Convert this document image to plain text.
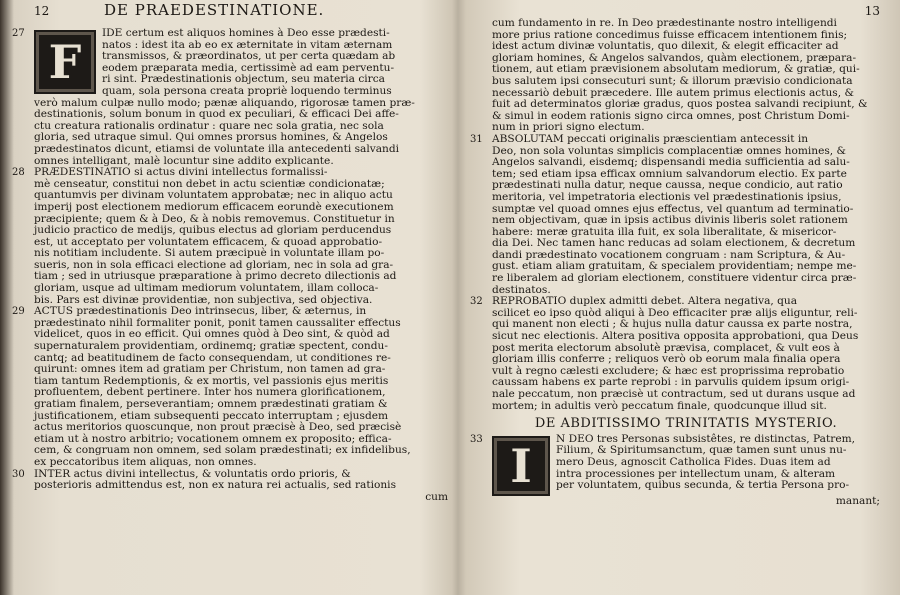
12	DE PRAEDESTINATIONE.
27
F
IDE certum est aliquos homines à Deo esse prædesti-
natos : idest ita ab eo ex æternitate in vitam æternam
transmissos, & præordinatos, ut per certa quædam ab
eodem præparata media, certissimè ad eam perventu-
ri sint. Prædestinationis objectum, seu materia circa
quam, sola persona creata propriè loquendo terminus
verò malum culpæ nullo modo; pænæ aliquando, rigorosæ tamen præ-
destinationis, solum bonum in quod ex peculiari, & efficaci Dei affe-
ctu creatura rationalis ordinatur : quare nec sola gratia, nec sola
gloria, sed utraque simul. Qui omnes prorsus homines, & Angelos
prædestinatos dicunt, etiamsi de voluntate illa antecedenti salvandi
omnes intelligant, malè locuntur sine addito explicante.
28 PRÆDESTINATIO si actus divini intellectus formalissi-
mè censeatur, constitui non debet in actu scientiæ condicionatæ;
quantumvis per divinam voluntatem approbatæ; nec in aliquo actu
imperij post electionem mediorum efficacem eorundè executionem
præcipiente; quem & à Deo, & à nobis removemus. Constituetur in
judicio practico de medijs, quibus electus ad gloriam perducendus
est, ut acceptato per voluntatem efficacem, & quoad approbatio-
nis notitiam includente. Si autem præcipuè in voluntate illam po-
sueris, non in sola efficaci electione ad gloriam, nec in sola ad gra-
tiam ; sed in utriusque præparatione à primo decreto dilectionis ad
gloriam, usque ad ultimam mediorum voluntatem, illam colloca-
bis. Pars est divinæ providentiæ, non subjectiva, sed objectiva.
29 ACTUS prædestinationis Deo intrinsecus, liber, & æternus, in
prædestinato nihil formaliter ponit, ponit tamen caussaliter effectus
videlicet, quos in eo efficit. Qui omnes quòd à Deo sint, & quòd ad
supernaturalem providentiam, ordinemq; gratiæ spectent, condu-
cantq; ad beatitudinem de facto consequendam, ut conditiones re-
quirunt: omnes item ad gratiam per Christum, non tamen ad gra-
tiam tantum Redemptionis, & ex mortis, vel passionis ejus meritis
profluentem, debent pertinere. Inter hos numera glorificationem,
gratiam finalem, perseverantiam; omnem prædestinati gratiam &
justificationem, etiam subsequenti peccato interruptam ; ejusdem
actus meritorios quoscunque, non prout præcisè à Deo, sed præcisè
etiam ut à nostro arbitrio; vocationem omnem ex proposito; effica-
cem, & congruam non omnem, sed solam prædestinati; ex infidelibus,
ex peccatoribus item aliquas, non omnes.
30 INTER actus divini intellectus, & voluntatis ordo prioris, &
posterioris admittendus est, non ex natura rei actualis, sed rationis
cum
13
cum fundamento in re. In Deo prædestinante nostro intelligendi
more prius ratione concedimus fuisse efficacem intentionem finis;
idest actum divinæ voluntatis, quo dilexit, & elegit efficaciter ad
gloriam homines, & Angelos salvandos, quàm electionem, præpara-
tionem, aut etiam prævisionem absolutam mediorum, & gratiæ, qui-
bus salutem ipsi consecuturi sunt; & illorum prævisio condicionata
necessariò debuit præcedere. Ille autem primus electionis actus, &
fuit ad determinatos gloriæ gradus, quos postea salvandi recipiunt, &
& simul in eodem rationis signo circa omnes, post Christum Domi-
num in priori signo electum.
31 ABSOLUTAM peccati originalis præscientiam antecessit in
Deo, non sola voluntas simplicis complacentiæ omnes homines, &
Angelos salvandi, eisdemq; dispensandi media sufficientia ad salu-
tem; sed etiam ipsa efficax omnium salvandorum electio. Ex parte
prædestinati nulla datur, neque caussa, neque condicio, aut ratio
meritoria, vel impetratoria electionis vel prædestinationis ipsius,
sumptæ vel quoad omnes ejus effectus, vel quantum ad terminatio-
nem objectivam, quæ in ipsis actibus divinis liberis solet rationem
habere: meræ gratuita illa fuit, ex sola liberalitate, & misericor-
dia Dei. Nec tamen hanc reducas ad solam electionem, & decretum
dandi prædestinato vocationem congruam : nam Scriptura, & Au-
gust. etiam aliam gratuitam, & specialem providentiam; nempe me-
re liberalem ad gloriam electionem, constituere videntur circa præ-
destinatos.
32 REPROBATIO duplex admitti debet. Altera negativa, qua
scilicet eo ipso quòd aliqui à Deo efficaciter præ alijs eliguntur, reli-
qui manent non electi ; & hujus nulla datur caussa ex parte nostra,
sicut nec electionis. Altera positiva opposita approbationi, qua Deus
post merita electorum absolutè prævisa, complacet, & vult eos à
gloriam illis conferre ; reliquos verò ob eorum mala finalia opera
vult à regno cælesti excludere; & hæc est proprissima reprobatio
caussam habens ex parte reprobi : in parvulis quidem ipsum origi-
nale peccatum, non præcisè ut contractum, sed ut durans usque ad
mortem; in adultis verò peccatum finale, quodcunque illud sit.
DE ABDITISSIMO TRINITATIS MYSTERIO.
33 I	N DEO tres Personas subsistêtes, re distinctas, Patrem,
Filium, & Spiritumsanctum, quæ tamen sunt unus nu-
mero Deus, agnoscit Catholica Fides. Duas item ad
intra processiones per intellectum unam, & alteram
per voluntatem, quibus secunda, & tertia Persona pro-
manant;
